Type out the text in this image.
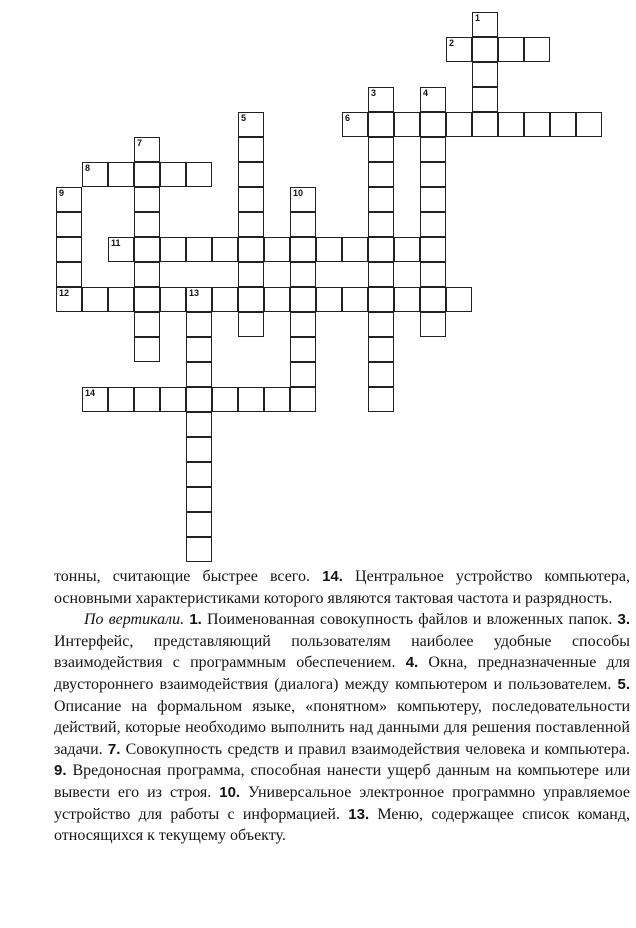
1
2
3	4
5	6
7
8
9
12
10
11
13
14

тонны, считающие быстрее всего. 14. Центральное устройство компьютера, основными характеристиками которого являются тактовая частота и разрядность.

По вертикали. 1. Поименованная совокупность файлов и вложенных папок. 3. Интерфейс, представляющий пользователям наиболее удобные способы взаимодействия с программным обеспечением. 4. Окна, предназначенные для двустороннего взаимодействия (диалога) между компьютером и пользователем. 5. Описание на формальном языке, «понятном» компьютеру, последовательности действий, которые необходимо выполнить над данными для решения поставленной задачи. 7. Совокупность средств и правил взаимодействия человека и компьютера. 9. Вредоносная программа, способная нанести ущерб данным на компьютере или вывести его из строя. 10. Универсальное электронное программно управляемое устройство для работы с информацией. 13. Меню, содержащее список команд, относящихся к текущему объекту.
